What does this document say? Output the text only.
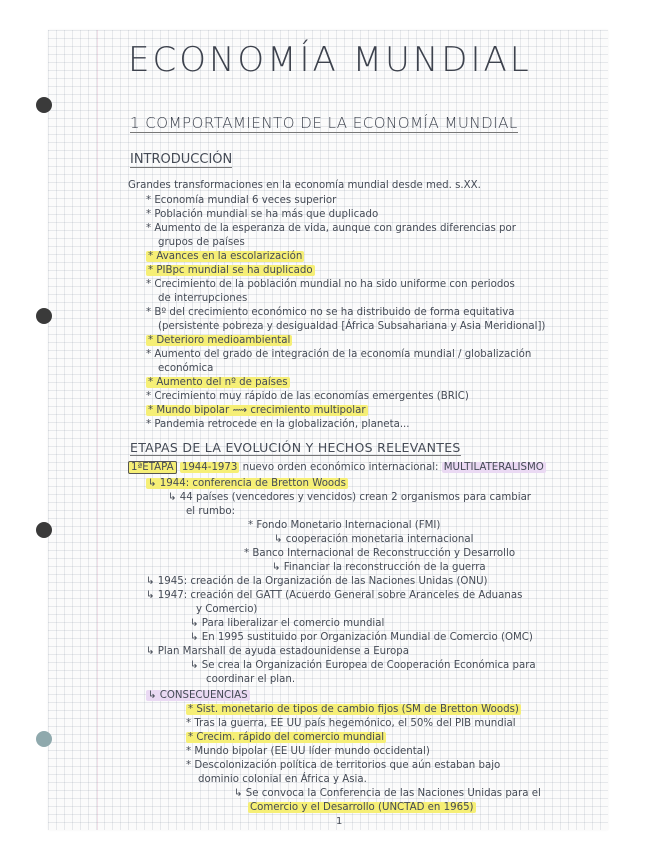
ECONOMÍA MUNDIAL
1 COMPORTAMIENTO DE LA ECONOMÍA MUNDIAL
INTRODUCCIÓN
Grandes transformaciones en la economía mundial desde med. s.XX.
* Economía mundial 6 veces superior
* Población mundial se ha más que duplicado
* Aumento de la esperanza de vida, aunque con grandes diferencias por
grupos de países
* Avances en la escolarización
* PIBpc mundial se ha duplicado
* Crecimiento de la población mundial no ha sido uniforme con periodos
de interrupciones
* Bº del crecimiento económico no se ha distribuido de forma equitativa
(persistente pobreza y desigualdad [África Subsahariana y Asia Meridional])
* Deterioro medioambiental
* Aumento del grado de integración de la economía mundial / globalización
económica
* Aumento del nº de países
* Crecimiento muy rápido de las economías emergentes (BRIC)
* Mundo bipolar ⟿ crecimiento multipolar
* Pandemia retrocede en la globalización, planeta...
ETAPAS DE LA EVOLUCIÓN Y HECHOS RELEVANTES
1ªETAPA 1944-1973 nuevo orden económico internacional: MULTILATERALISMO
↳ 1944: conferencia de Bretton Woods
↳ 44 países (vencedores y vencidos) crean 2 organismos para cambiar
el rumbo:
* Fondo Monetario Internacional (FMI)
↳ cooperación monetaria internacional
* Banco Internacional de Reconstrucción y Desarrollo
↳ Financiar la reconstrucción de la guerra
↳ 1945: creación de la Organización de las Naciones Unidas (ONU)
↳ 1947: creación del GATT (Acuerdo General sobre Aranceles de Aduanas
y Comercio)
↳ Para liberalizar el comercio mundial
↳ En 1995 sustituido por Organización Mundial de Comercio (OMC)
↳ Plan Marshall de ayuda estadounidense a Europa
↳ Se crea la Organización Europea de Cooperación Económica para
coordinar el plan.
↳ CONSECUENCIAS
* Sist. monetario de tipos de cambio fijos (SM de Bretton Woods)
* Tras la guerra, EE UU país hegemónico, el 50% del PIB mundial
* Crecim. rápido del comercio mundial
* Mundo bipolar (EE UU líder mundo occidental)
* Descolonización política de territorios que aún estaban bajo
dominio colonial en África y Asia.
↳ Se convoca la Conferencia de las Naciones Unidas para el
Comercio y el Desarrollo (UNCTAD en 1965)
1
